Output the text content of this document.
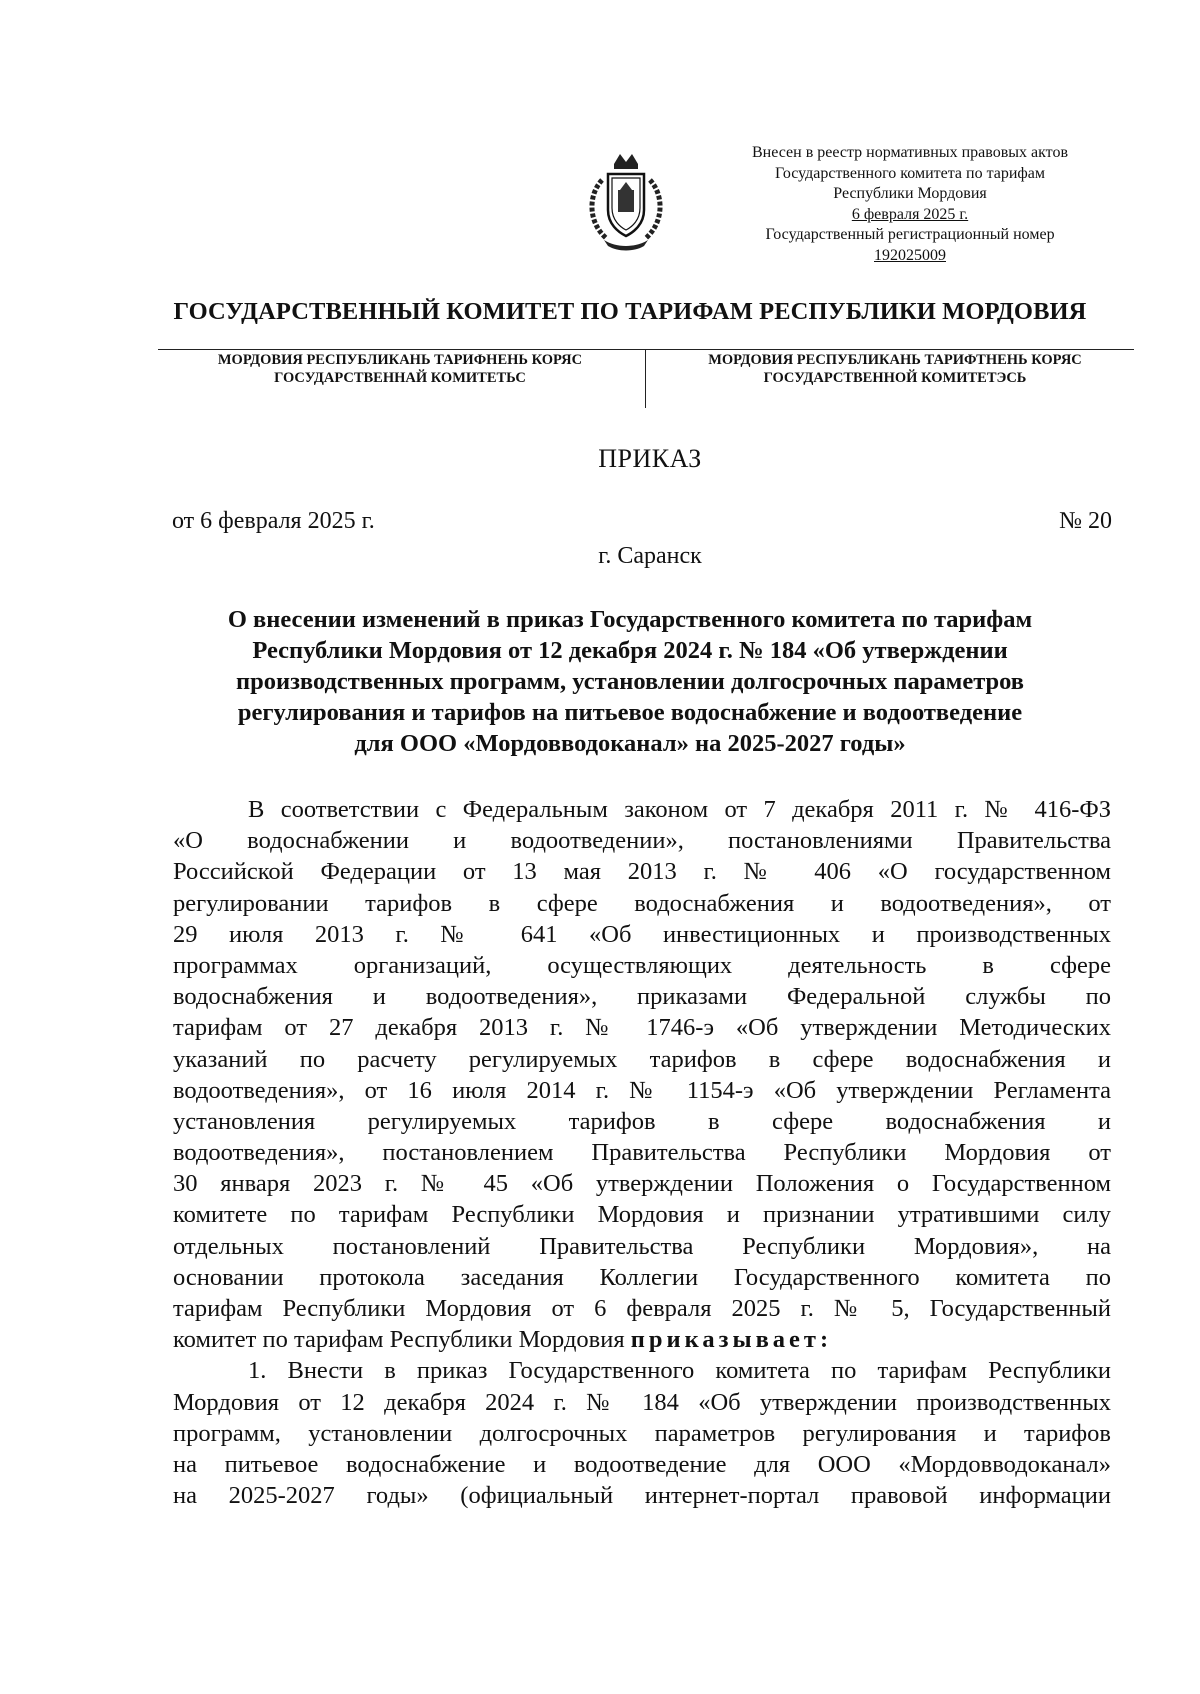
Внесен в реестр нормативных правовых актов
Государственного комитета по тарифам
Республики Мордовия
6 февраля 2025 г.
Государственный регистрационный номер
192025009
ГОСУДАРСТВЕННЫЙ КОМИТЕТ ПО ТАРИФАМ РЕСПУБЛИКИ МОРДОВИЯ
МОРДОВИЯ РЕСПУБЛИКАНЬ ТАРИФНЕНЬ КОРЯС
ГОСУДАРСТВЕННАЙ КОМИТЕТЬС
МОРДОВИЯ РЕСПУБЛИКАНЬ ТАРИФТНЕНЬ КОРЯС
ГОСУДАРСТВЕННОЙ КОМИТЕТЭСЬ
ПРИКАЗ
от 6 февраля 2025 г.	№ 20
г. Саранск
О внесении изменений в приказ Государственного комитета по тарифам
Республики Мордовия от 12 декабря 2024 г. № 184 «Об утверждении
производственных программ, установлении долгосрочных параметров
регулирования и тарифов на питьевое водоснабжение и водоотведение
для ООО «Мордовводоканал» на 2025-2027 годы»
В соответствии с Федеральным законом от 7 декабря 2011 г. № 416-ФЗ
«О водоснабжении и водоотведении», постановлениями Правительства
Российской Федерации от 13 мая 2013 г. № 406 «О государственном
регулировании тарифов в сфере водоснабжения и водоотведения», от
29 июля 2013 г. № 641 «Об инвестиционных и производственных
программах организаций, осуществляющих деятельность в сфере
водоснабжения и водоотведения», приказами Федеральной службы по
тарифам от 27 декабря 2013 г. № 1746-э «Об утверждении Методических
указаний по расчету регулируемых тарифов в сфере водоснабжения и
водоотведения», от 16 июля 2014 г. № 1154-э «Об утверждении Регламента
установления регулируемых тарифов в сфере водоснабжения и
водоотведения», постановлением Правительства Республики Мордовия от
30 января 2023 г. № 45 «Об утверждении Положения о Государственном
комитете по тарифам Республики Мордовия и признании утратившими силу
отдельных постановлений Правительства Республики Мордовия», на
основании протокола заседания Коллегии Государственного комитета по
тарифам Республики Мордовия от 6 февраля 2025 г. № 5, Государственный
комитет по тарифам Республики Мордовия приказывает:
1. Внести в приказ Государственного комитета по тарифам Республики
Мордовия от 12 декабря 2024 г. № 184 «Об утверждении производственных
программ, установлении долгосрочных параметров регулирования и тарифов
на питьевое водоснабжение и водоотведение для ООО «Мордовводоканал»
на 2025-2027 годы» (официальный интернет-портал правовой информации
